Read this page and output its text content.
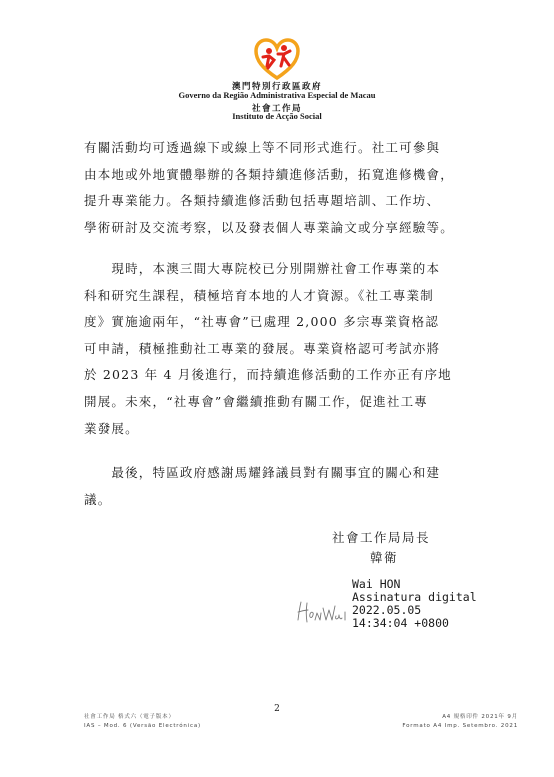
澳門特別行政區政府
Governo da Região Administrativa Especial de Macau
社會工作局
Instituto de Acção Social
有關活動均可透過線下或線上等不同形式進行。社工可參與
由本地或外地實體舉辦的各類持續進修活動，拓寬進修機會，
提升專業能力。各類持續進修活動包括專題培訓、工作坊、
學術研討及交流考察，以及發表個人專業論文或分享經驗等。
　　現時，本澳三間大專院校已分別開辦社會工作專業的本
科和研究生課程，積極培育本地的人才資源。《社工專業制
度》實施逾兩年，“社專會”已處理 2,000 多宗專業資格認
可申請，積極推動社工專業的發展。專業資格認可考試亦將
於 2023 年 4 月後進行，而持續進修活動的工作亦正有序地
開展。未來，“社專會”會繼續推動有關工作，促進社工專
業發展。
　　最後，特區政府感謝馬耀鋒議員對有關事宜的關心和建
議。
社會工作局局長
韓衛
Wai HON
Assinatura digital
2022.05.05
14:34:04 +0800
2
社會工作局 格式六（電子版本）
IAS – Mod. 6 (Versão Electrónica)
A4 規格印件 2021年 9月
Formato A4 Imp. Setembro. 2021
